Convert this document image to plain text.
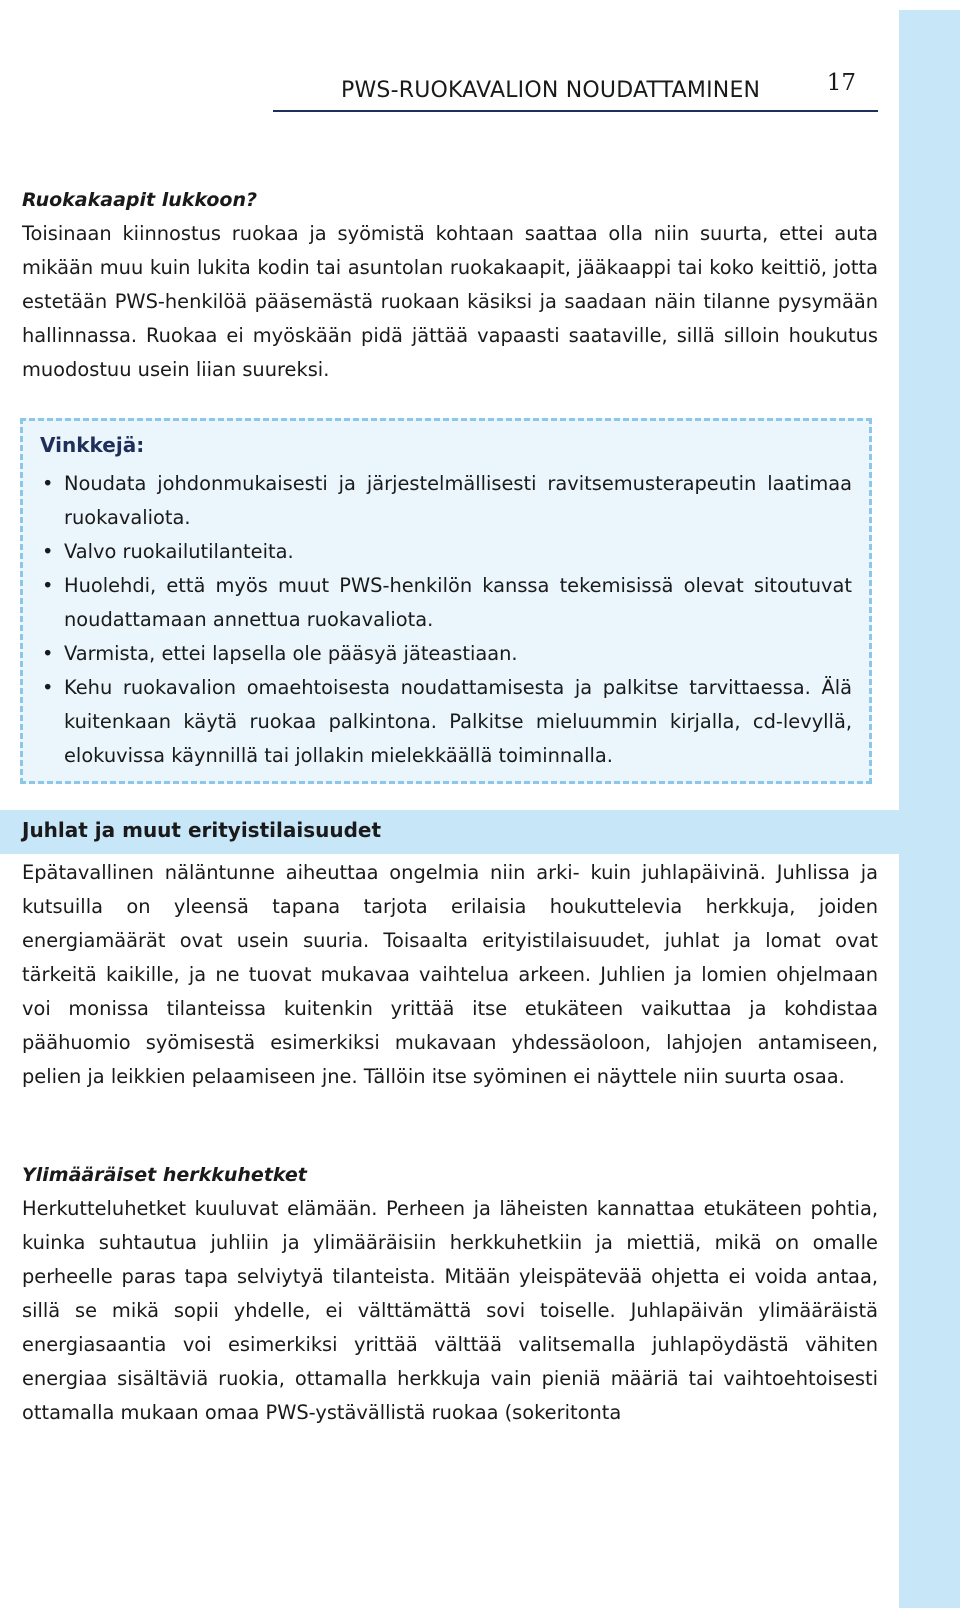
PWS-RUOKAVALION NOUDATTAMINEN	17

Ruokakaapit lukkoon?

Toisinaan kiinnostus ruokaa ja syömistä kohtaan saattaa olla niin suurta, ettei auta mikään muu kuin lukita kodin tai asuntolan ruokakaapit, jääkaappi tai koko keittiö, jotta estetään PWS-henkilöä pääsemästä ruokaan käsiksi ja saadaan näin tilanne pysymään hallinnassa. Ruokaa ei myöskään pidä jättää vapaasti saataville, sillä silloin houkutus muodostuu usein liian suureksi.

Vinkkejä:
• Noudata johdonmukaisesti ja järjestelmällisesti ravitsemusterapeutin laatimaa ruokavaliota.
• Valvo ruokailutilanteita.
• Huolehdi, että myös muut PWS-henkilön kanssa tekemisissä olevat sitoutuvat noudattamaan annettua ruokavaliota.
• Varmista, ettei lapsella ole pääsyä jäteastiaan.
• Kehu ruokavalion omaehtoisesta noudattamisesta ja palkitse tarvittaessa. Älä kuitenkaan käytä ruokaa palkintona. Palkitse mieluummin kirjalla, cd-levyllä, elokuvissa käynnillä tai jollakin mielekkäällä toiminnalla.
Juhlat ja muut erityistilaisuudet

Epätavallinen näläntunne aiheuttaa ongelmia niin arki- kuin juhlapäivinä. Juhlissa ja kutsuilla on yleensä tapana tarjota erilaisia houkuttelevia herkkuja, joiden energiamäärät ovat usein suuria. Toisaalta erityistilaisuudet, juhlat ja lomat ovat tärkeitä kaikille, ja ne tuovat mukavaa vaihtelua arkeen. Juhlien ja lomien ohjelmaan voi monissa tilanteissa kuitenkin yrittää itse etukäteen vaikuttaa ja kohdistaa päähuomio syömisestä esimerkiksi mukavaan yhdessäoloon, lahjojen antamiseen, pelien ja leikkien pelaamiseen jne. Tällöin itse syöminen ei näyttele niin suurta osaa.

Ylimääräiset herkkuhetket

Herkutteluhetket kuuluvat elämään. Perheen ja läheisten kannattaa etukäteen pohtia, kuinka suhtautua juhliin ja ylimääräisiin herkkuhetkiin ja miettiä, mikä on omalle perheelle paras tapa selviytyä tilanteista. Mitään yleispätevää ohjetta ei voida antaa, sillä se mikä sopii yhdelle, ei välttämättä sovi toiselle. Juhlapäivän ylimääräistä energiasaantia voi esimerkiksi yrittää välttää valitsemalla juhlapöydästä vähiten energiaa sisältäviä ruokia, ottamalla herkkuja vain pieniä määriä tai vaihtoehtoisesti ottamalla mukaan omaa PWS-ystävällistä ruokaa (sokeritonta
